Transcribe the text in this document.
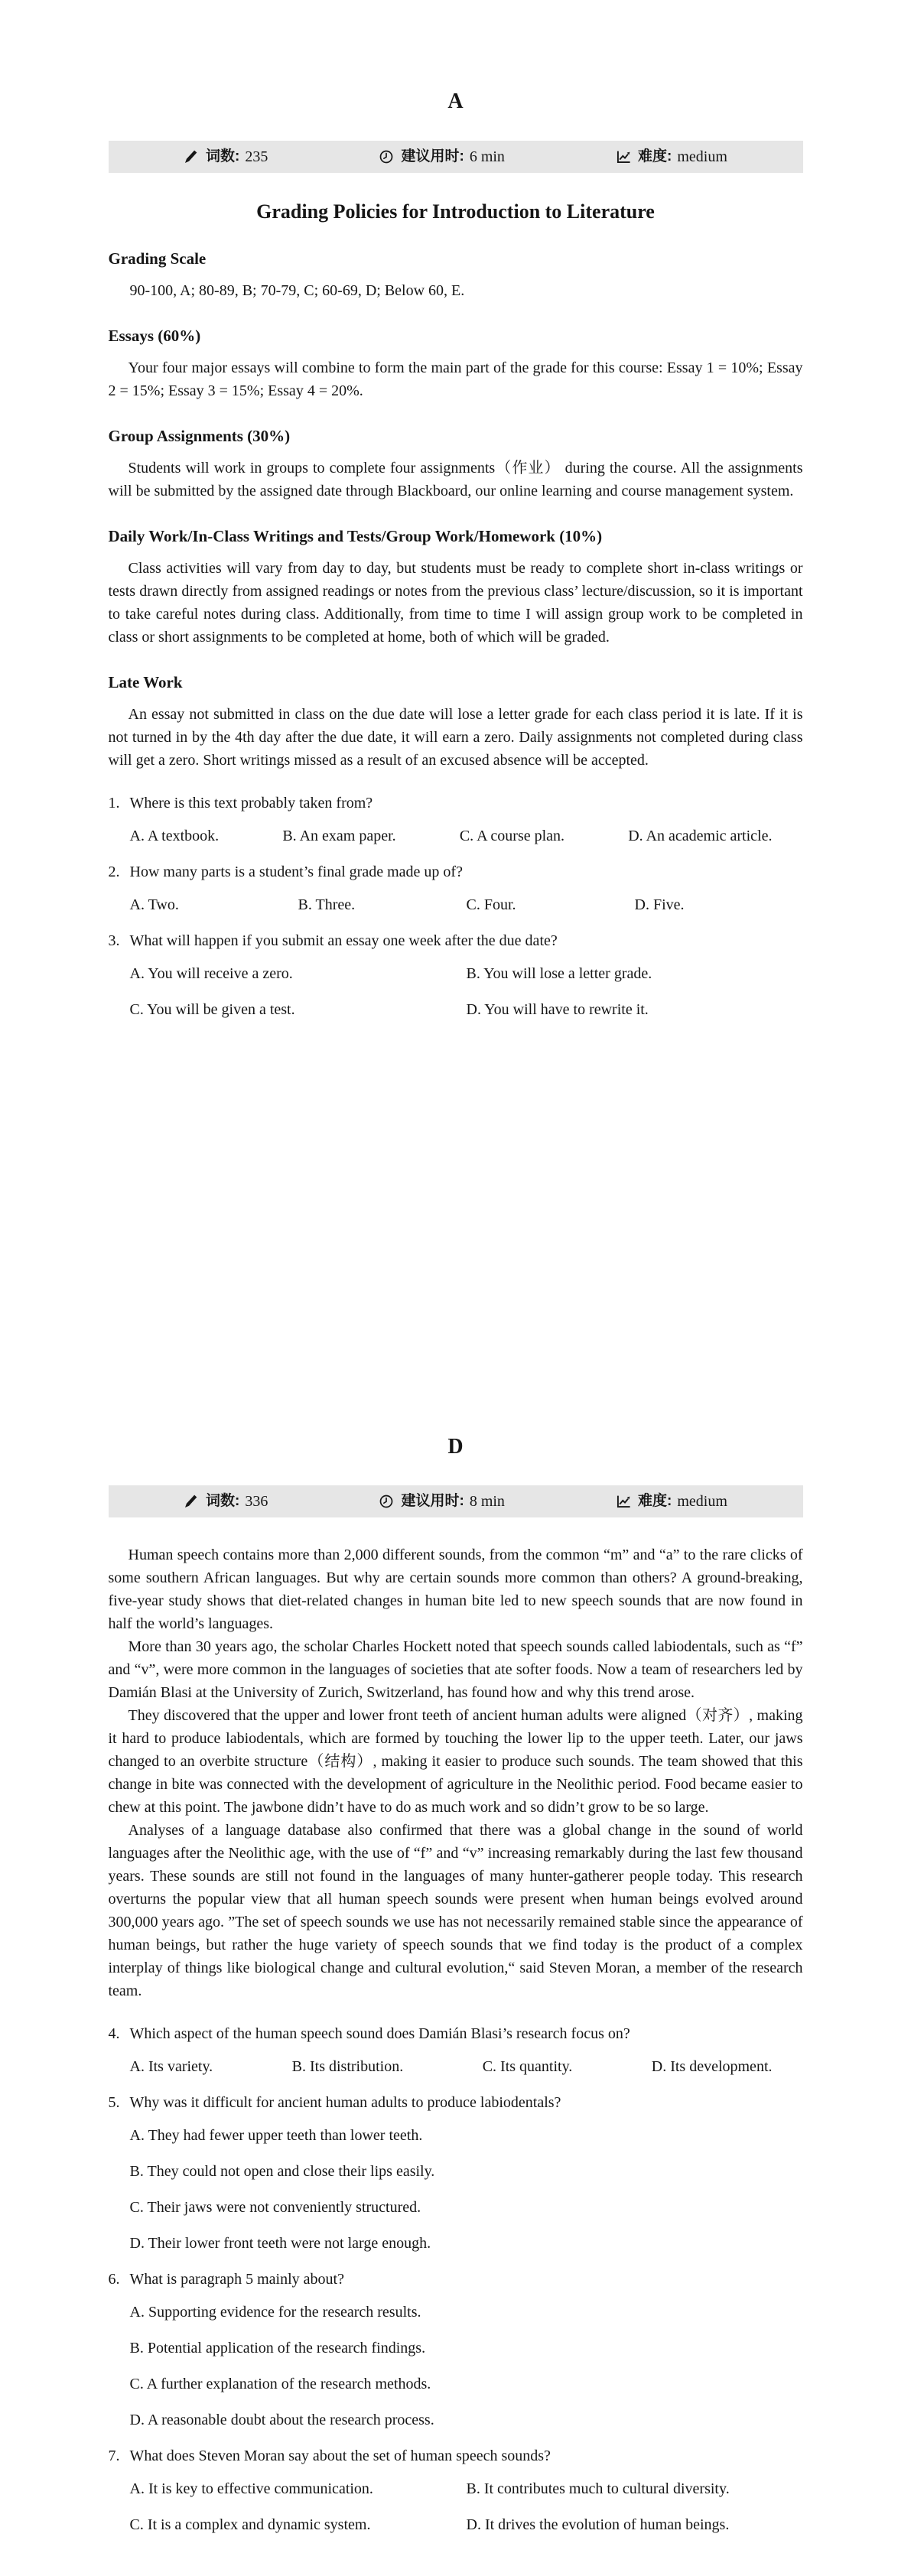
A
词数: 235	建议用时: 6 min	难度: medium
Grading Policies for Introduction to Literature
Grading Scale

90-100, A; 80-89, B; 70-79, C; 60-69, D; Below 60, E.

Essays (60%)

Your four major essays will combine to form the main part of the grade for this course: Essay 1 = 10%; Essay 2 = 15%; Essay 3 = 15%; Essay 4 = 20%.

Group Assignments (30%)

Students will work in groups to complete four assignments（作业） during the course. All the assignments will be submitted by the assigned date through Blackboard, our online learning and course management system.

Daily Work/In-Class Writings and Tests/Group Work/Homework (10%)

Class activities will vary from day to day, but students must be ready to complete short in-class writings or tests drawn directly from assigned readings or notes from the previous class’ lecture/discussion, so it is important to take careful notes during class. Additionally, from time to time I will assign group work to be completed in class or short assignments to be completed at home, both of which will be graded.

Late Work

An essay not submitted in class on the due date will lose a letter grade for each class period it is late. If it is not turned in by the 4th day after the due date, it will earn a zero. Daily assignments not completed during class will get a zero. Short writings missed as a result of an excused absence will be accepted.

1. Where is this text probably taken from?
A. A textbook.	B. An exam paper.	C. A course plan.	D. An academic article.
2. How many parts is a student’s final grade made up of?
A. Two.	B. Three.	C. Four.	D. Five.
3. What will happen if you submit an essay one week after the due date?
A. You will receive a zero.	B. You will lose a letter grade.
C. You will be given a test.	D. You will have to rewrite it.
D
词数: 336	建议用时: 8 min	难度: medium

Human speech contains more than 2,000 different sounds, from the common “m” and “a” to the rare clicks of some southern African languages. But why are certain sounds more common than others? A ground-breaking, five-year study shows that diet-related changes in human bite led to new speech sounds that are now found in half the world’s languages.

More than 30 years ago, the scholar Charles Hockett noted that speech sounds called labiodentals, such as “f” and “v”, were more common in the languages of societies that ate softer foods. Now a team of researchers led by Damián Blasi at the University of Zurich, Switzerland, has found how and why this trend arose.

They discovered that the upper and lower front teeth of ancient human adults were aligned（对齐）, making it hard to produce labiodentals, which are formed by touching the lower lip to the upper teeth. Later, our jaws changed to an overbite structure（结构）, making it easier to produce such sounds. The team showed that this change in bite was connected with the development of agriculture in the Neolithic period. Food became easier to chew at this point. The jawbone didn’t have to do as much work and so didn’t grow to be so large.

Analyses of a language database also confirmed that there was a global change in the sound of world languages after the Neolithic age, with the use of “f” and “v” increasing remarkably during the last few thousand years. These sounds are still not found in the languages of many hunter-gatherer people today. This research overturns the popular view that all human speech sounds were present when human beings evolved around 300,000 years ago. ”The set of speech sounds we use has not necessarily remained stable since the appearance of human beings, but rather the huge variety of speech sounds that we find today is the product of a complex interplay of things like biological change and cultural evolution,“ said Steven Moran, a member of the research team.

4. Which aspect of the human speech sound does Damián Blasi’s research focus on?
A. Its variety.	B. Its distribution.	C. Its quantity.	D. Its development.
5. Why was it difficult for ancient human adults to produce labiodentals?
A. They had fewer upper teeth than lower teeth.
B. They could not open and close their lips easily.
C. Their jaws were not conveniently structured.
D. Their lower front teeth were not large enough.
6. What is paragraph 5 mainly about?
A. Supporting evidence for the research results.
B. Potential application of the research findings.
C. A further explanation of the research methods.
D. A reasonable doubt about the research process.
7. What does Steven Moran say about the set of human speech sounds?
A. It is key to effective communication.	B. It contributes much to cultural diversity.
C. It is a complex and dynamic system.	D. It drives the evolution of human beings.
